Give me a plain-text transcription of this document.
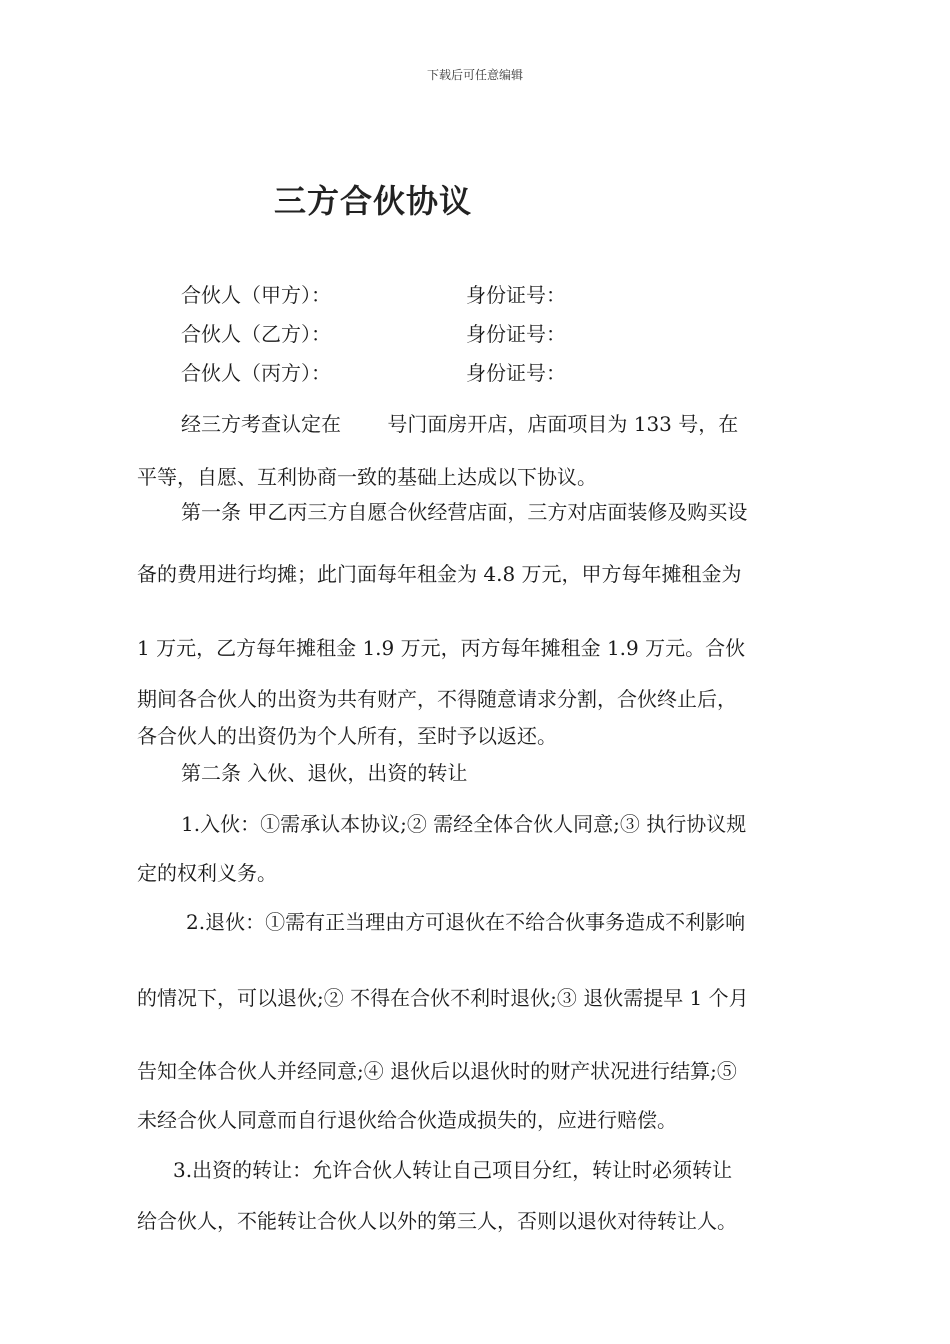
下载后可任意编辑
三方合伙协议
合伙人（甲方）：	身份证号：
合伙人（乙方）：	身份证号：
合伙人（丙方）：	身份证号：
经三方考查认定在　　 号门面房开店，店面项目为 133 号，在
平等，自愿、互利协商一致的基础上达成以下协议。
第一条 甲乙丙三方自愿合伙经营店面，三方对店面装修及购买设
备的费用进行均摊；此门面每年租金为 4.8 万元，甲方每年摊租金为
1 万元，乙方每年摊租金 1.9 万元，丙方每年摊租金 1.9 万元。合伙
期间各合伙人的出资为共有财产，不得随意请求分割，合伙终止后，
各合伙人的出资仍为个人所有，至时予以返还。
第二条 入伙、退伙，出资的转让
1.入伙：①需承认本协议;② 需经全体合伙人同意;③ 执行协议规
定的权利义务。
2.退伙：①需有正当理由方可退伙在不给合伙事务造成不利影响
的情况下，可以退伙;② 不得在合伙不利时退伙;③ 退伙需提早 1 个月
告知全体合伙人并经同意;④ 退伙后以退伙时的财产状况进行结算;⑤
未经合伙人同意而自行退伙给合伙造成损失的，应进行赔偿。
3.出资的转让：允许合伙人转让自己项目分红，转让时必须转让
给合伙人，不能转让合伙人以外的第三人，否则以退伙对待转让人。
